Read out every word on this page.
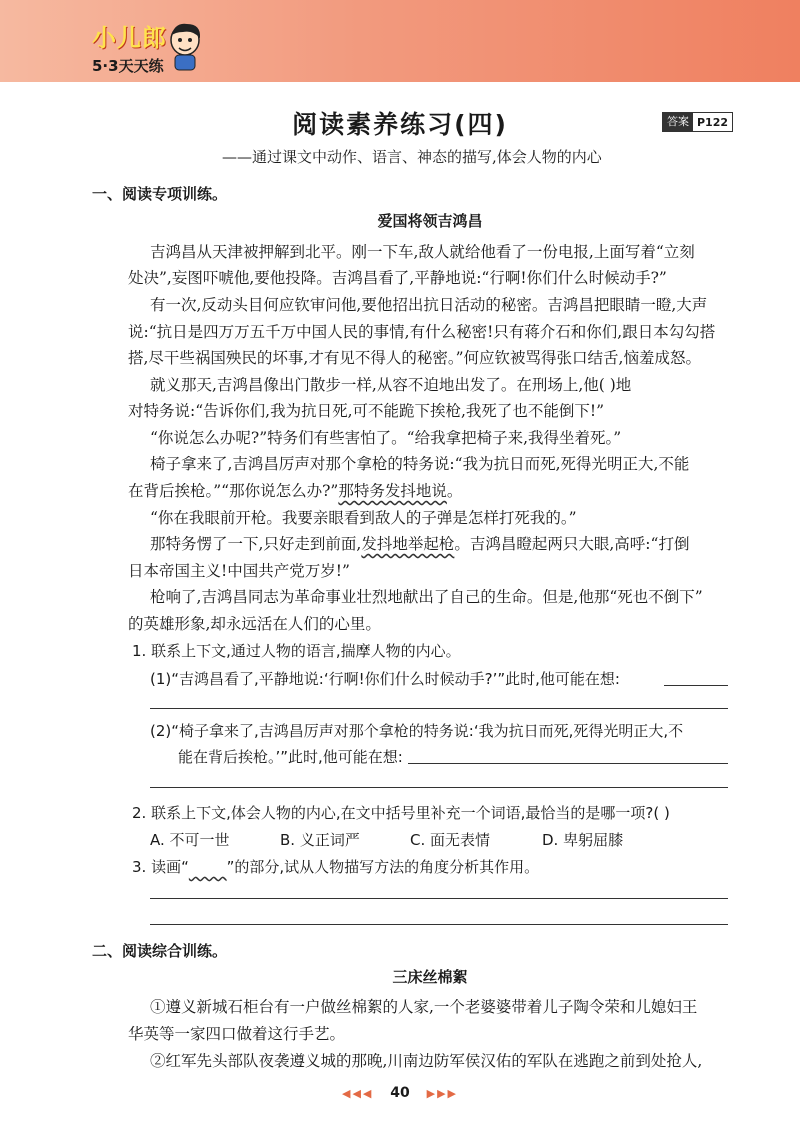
小儿郎
5·3天天练
阅读素养练习(四)	答案 P122
——通过课文中动作、语言、神态的描写,体会人物的内心
一、阅读专项训练。
爱国将领吉鸿昌
吉鸿昌从天津被押解到北平。刚一下车,敌人就给他看了一份电报,上面写着“立刻
处决”,妄图吓唬他,要他投降。吉鸿昌看了,平静地说:“行啊!你们什么时候动手?”
有一次,反动头目何应钦审问他,要他招出抗日活动的秘密。吉鸿昌把眼睛一瞪,大声
说:“抗日是四万万五千万中国人民的事情,有什么秘密!只有蒋介石和你们,跟日本勾勾搭
搭,尽干些祸国殃民的坏事,才有见不得人的秘密。”何应钦被骂得张口结舌,恼羞成怒。
就义那天,吉鸿昌像出门散步一样,从容不迫地出发了。在刑场上,他( )地
对特务说:“告诉你们,我为抗日死,可不能跪下挨枪,我死了也不能倒下!”
“你说怎么办呢?”特务们有些害怕了。“给我拿把椅子来,我得坐着死。”
椅子拿来了,吉鸿昌厉声对那个拿枪的特务说:“我为抗日而死,死得光明正大,不能
在背后挨枪。”“那你说怎么办?”那特务发抖地说。
“你在我眼前开枪。我要亲眼看到敌人的子弹是怎样打死我的。”
那特务愣了一下,只好走到前面,发抖地举起枪。吉鸿昌瞪起两只大眼,高呼:“打倒
日本帝国主义!中国共产党万岁!”
枪响了,吉鸿昌同志为革命事业壮烈地献出了自己的生命。但是,他那“死也不倒下”
的英雄形象,却永远活在人们的心里。
1. 联系上下文,通过人物的语言,揣摩人物的内心。
(1)“吉鸿昌看了,平静地说:‘行啊!你们什么时候动手?’”此时,他可能在想:
(2)“椅子拿来了,吉鸿昌厉声对那个拿枪的特务说:‘我为抗日而死,死得光明正大,不
能在背后挨枪。’”此时,他可能在想:
2. 联系上下文,体会人物的内心,在文中括号里补充一个词语,最恰当的是哪一项?( )
A. 不可一世	B. 义正词严	C. 面无表情	D. 卑躬屈膝
3. 读画“	”的部分,试从人物描写方法的角度分析其作用。
二、阅读综合训练。
三床丝棉絮
①遵义新城石柜台有一户做丝棉絮的人家,一个老婆婆带着儿子陶令荣和儿媳妇王
华英等一家四口做着这行手艺。
②红军先头部队夜袭遵义城的那晚,川南边防军侯汉佑的军队在逃跑之前到处抢人,
◀◀◀ 40 ▶▶▶
